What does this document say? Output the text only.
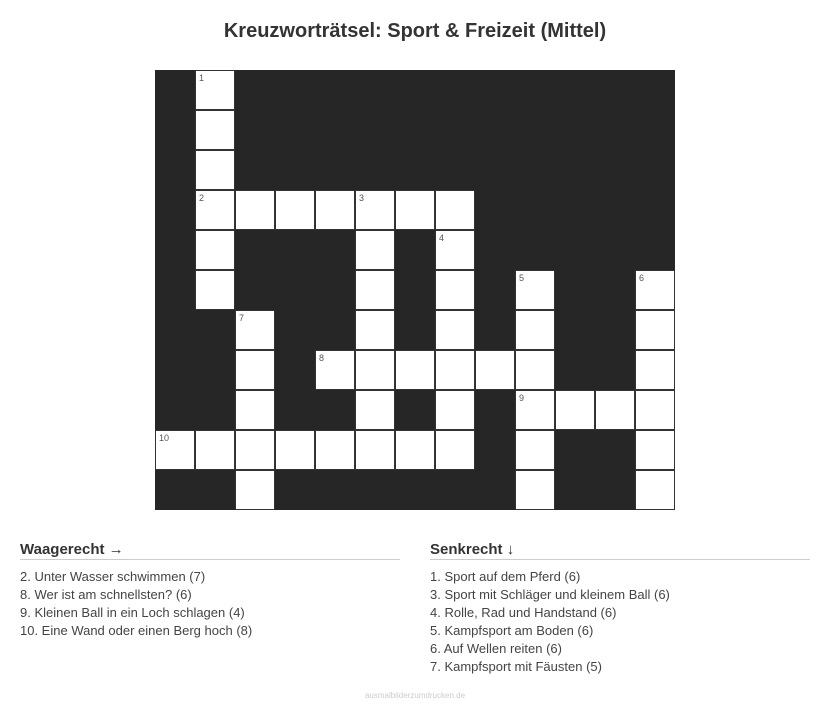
Kreuzworträtsel: Sport & Freizeit (Mittel)
1
2	3
4
5	6
7
8
9
10
Waagerecht →
2. Unter Wasser schwimmen (7)
8. Wer ist am schnellsten? (6)
9. Kleinen Ball in ein Loch schlagen (4)
10. Eine Wand oder einen Berg hoch (8)
Senkrecht ↓
1. Sport auf dem Pferd (6)
3. Sport mit Schläger und kleinem Ball (6)
4. Rolle, Rad und Handstand (6)
5. Kampfsport am Boden (6)
6. Auf Wellen reiten (6)
7. Kampfsport mit Fäusten (5)
ausmalbilderzumdrucken.de
